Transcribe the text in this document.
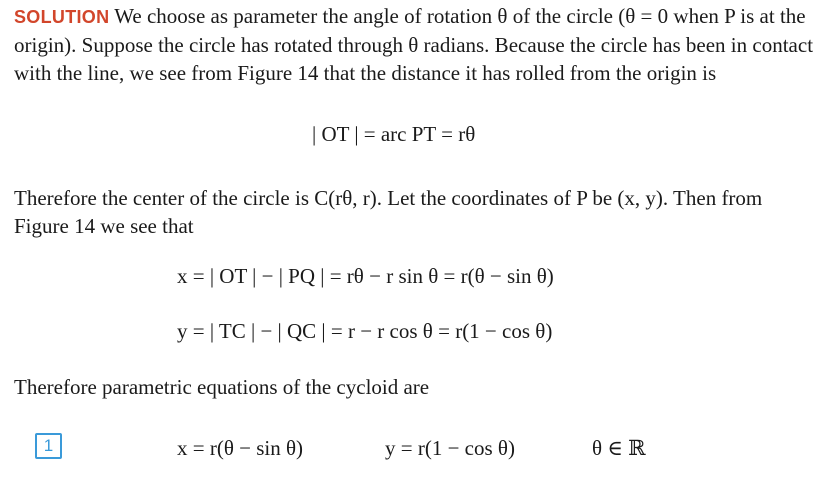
SOLUTION We choose as parameter the angle of rotation θ of the circle (θ = 0 when P is at the origin). Suppose the circle has rotated through θ radians. Because the circle has been in contact with the line, we see from Figure 14 that the distance it has rolled from the origin is

| OT | = arc PT = rθ

Therefore the center of the circle is C(rθ, r). Let the coordinates of P be (x, y). Then from Figure 14 we see that

x = | OT | − | PQ | = rθ − r sin θ = r(θ − sin θ)
y = | TC | − | QC | = r − r cos θ = r(1 − cos θ)

Therefore parametric equations of the cycloid are

1	x = r(θ − sin θ)	y = r(1 − cos θ)	θ ∈ ℝ
